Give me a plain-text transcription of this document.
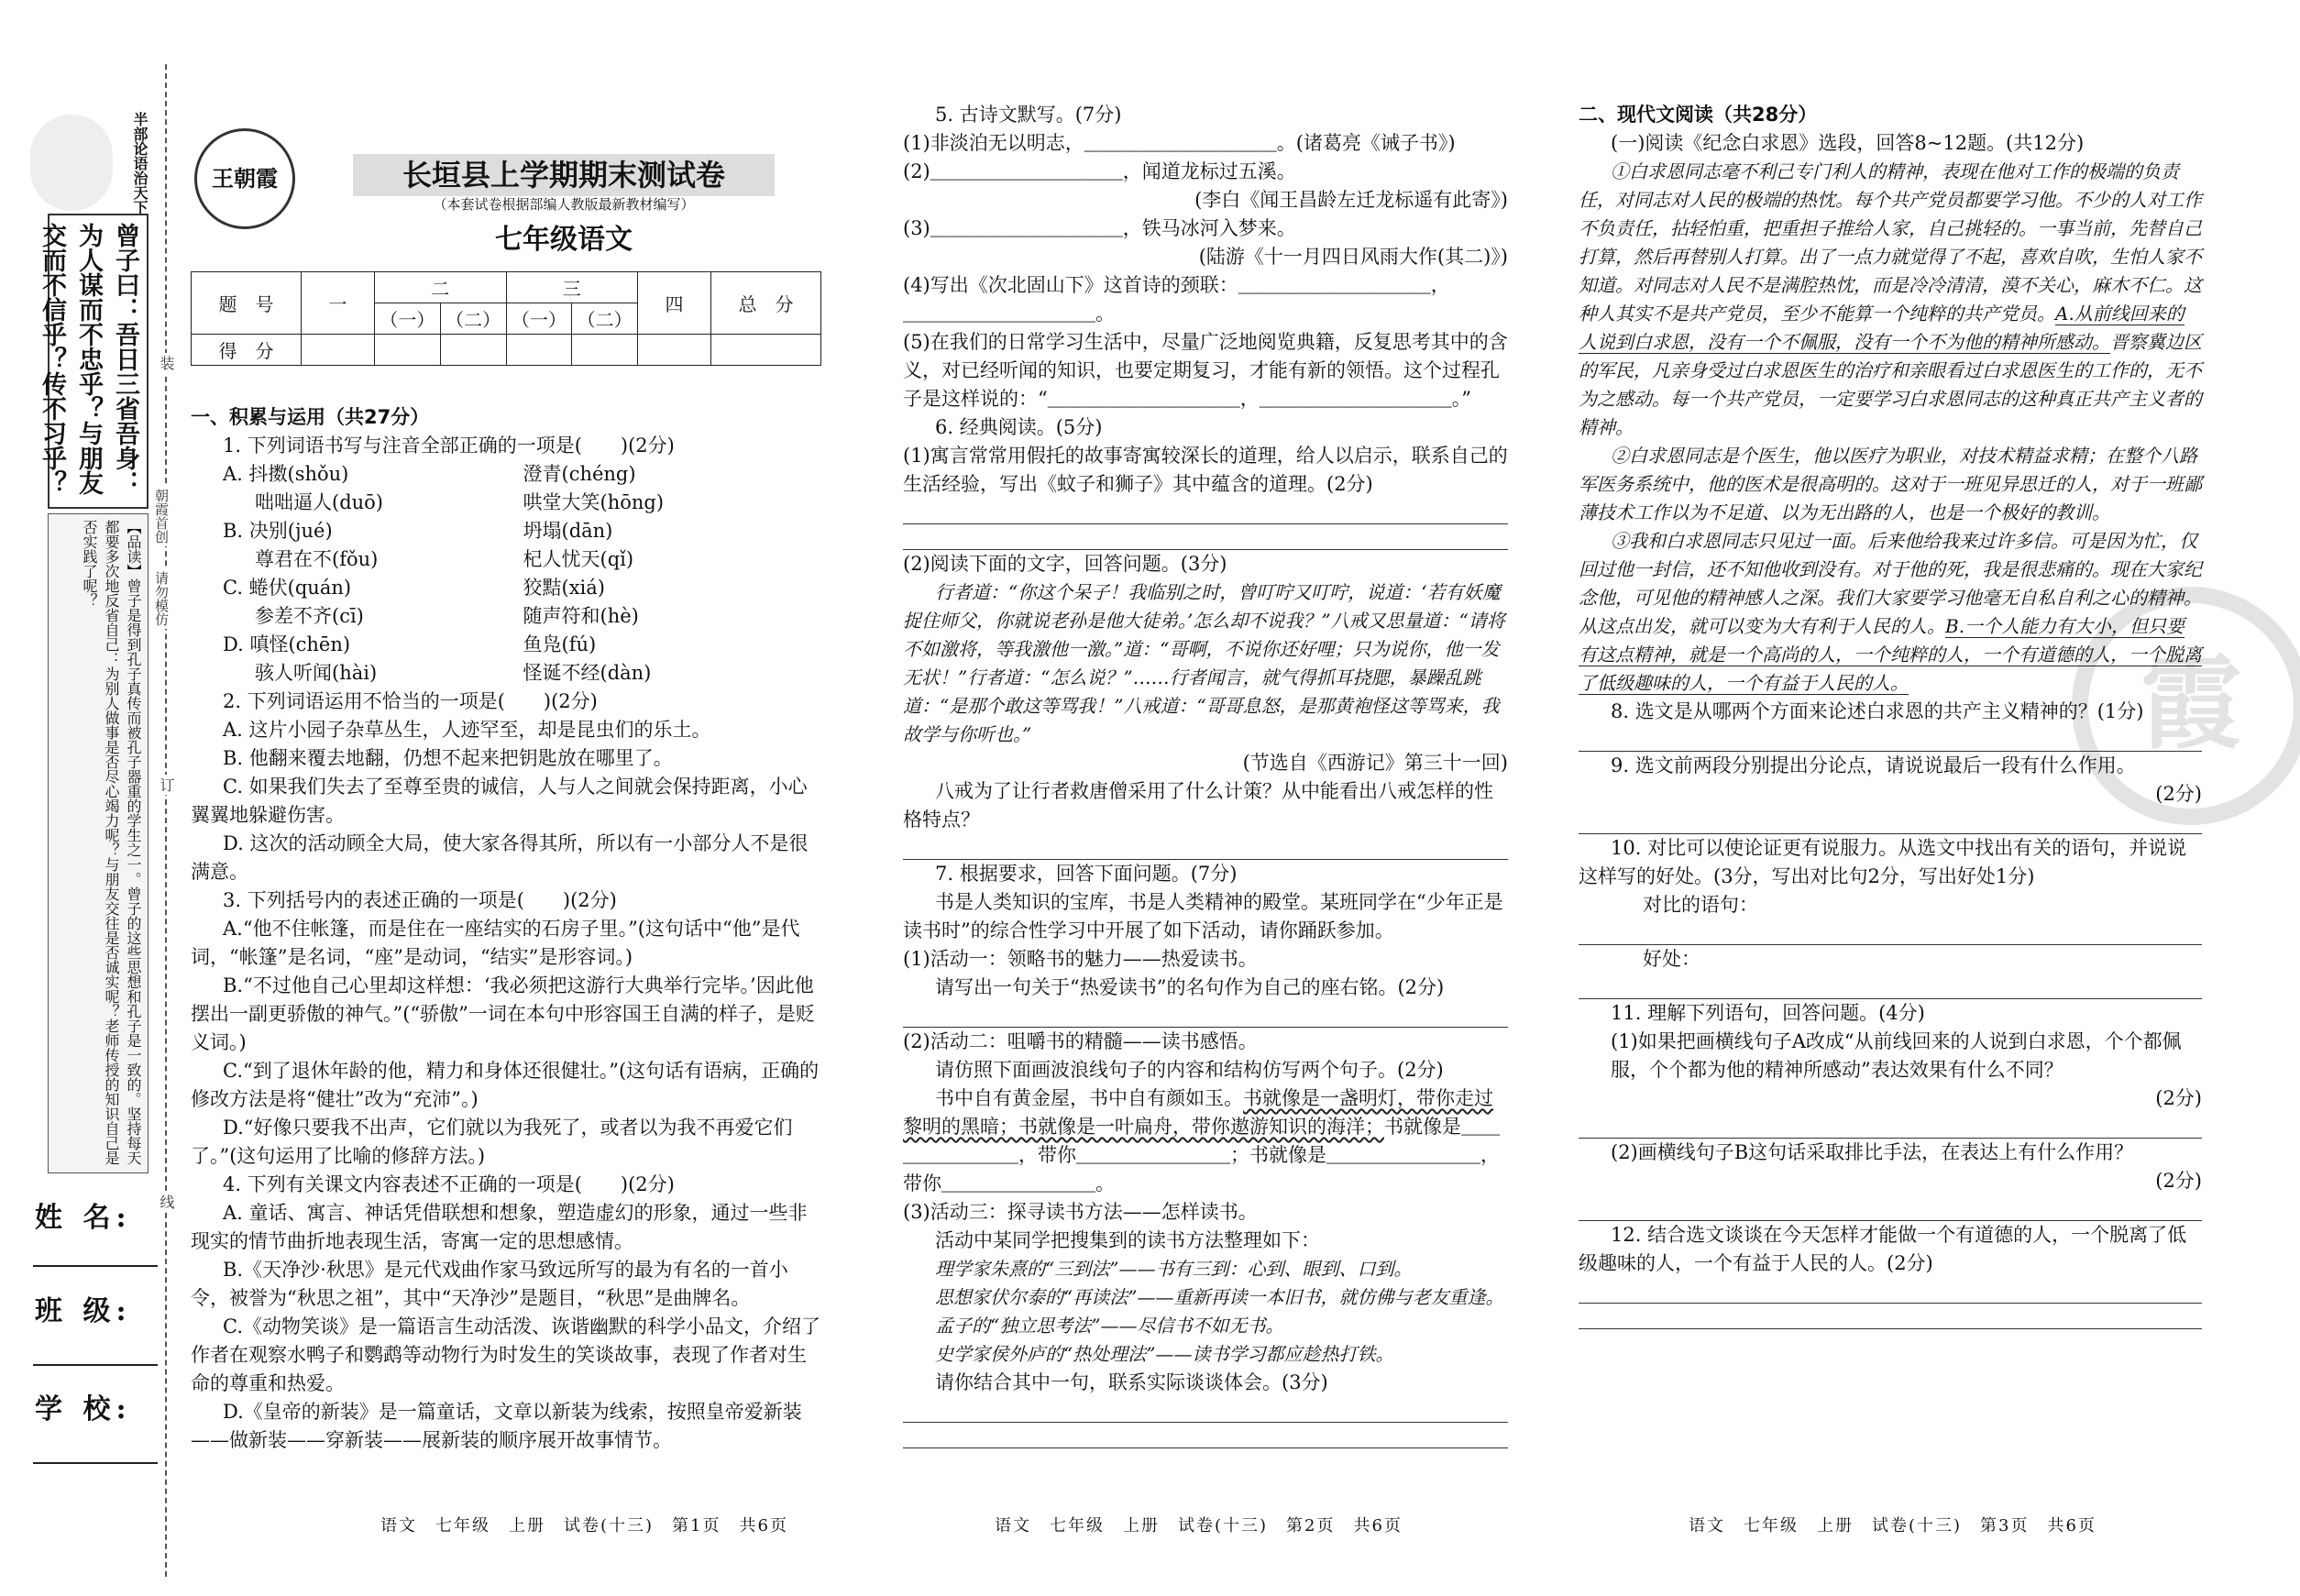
半部论语治天下
曾子曰：吾日三省吾身：为人谋而不忠乎？与朋友交而不信乎？传不习乎？
【品读】曾子是得到孔子真传而被孔子器重的学生之一。曾子的这些思想和孔子是一致的。坚持每天都要多次地反省自己：为别人做事是否尽心竭力呢？与朋友交往是否诚实呢？老师传授的知识自己是否实践了呢？
装
订
线
朝霞首创
请勿模仿
姓 名:
班 级:
学 校:
王朝霞	长垣县上学期期末测试卷
（本套试卷根据部编人教版最新教材编写）
七年级语文
题　号	一	二		三		四	总　分
		（一）	（二）	（一）	（二）		
得　分							
一、积累与运用（共27分）
1. 下列词语书写与注音全部正确的一项是(　　)(2分)
A. 抖擞(shǒu)	澄青(chéng)
咄咄逼人(duō)	哄堂大笑(hōng)
B. 决别(jué)	坍塌(dān)
尊君在不(fǒu)	杞人忧天(qǐ)
C. 蜷伏(quán)	狡黠(xiá)
参差不齐(cī)	随声符和(hè)
D. 嗔怪(chēn)	鱼凫(fú)
骇人听闻(hài)	怪诞不经(dàn)
2. 下列词语运用不恰当的一项是(　　)(2分)
A. 这片小园子杂草丛生，人迹罕至，却是昆虫们的乐土。
B. 他翻来覆去地翻，仍想不起来把钥匙放在哪里了。
C. 如果我们失去了至尊至贵的诚信，人与人之间就会保持距离，小心翼翼地躲避伤害。
D. 这次的活动顾全大局，使大家各得其所，所以有一小部分人不是很满意。
3. 下列括号内的表述正确的一项是(　　)(2分)
A.“他不住帐篷，而是住在一座结实的石房子里。”(这句话中“他”是代词，“帐篷”是名词，“座”是动词，“结实”是形容词。)
B.“不过他自己心里却这样想：‘我必须把这游行大典举行完毕。’因此他摆出一副更骄傲的神气。”(“骄傲”一词在本句中形容国王自满的样子，是贬义词。)
C.“到了退休年龄的他，精力和身体还很健壮。”(这句话有语病，正确的修改方法是将“健壮”改为“充沛”。)
D.“好像只要我不出声，它们就以为我死了，或者以为我不再爱它们了。”(这句运用了比喻的修辞方法。)
4. 下列有关课文内容表述不正确的一项是(　　)(2分)
A. 童话、寓言、神话凭借联想和想象，塑造虚幻的形象，通过一些非现实的情节曲折地表现生活，寄寓一定的思想感情。
B.《天净沙·秋思》是元代戏曲作家马致远所写的最为有名的一首小令，被誉为“秋思之祖”，其中“天净沙”是题目，“秋思”是曲牌名。
C.《动物笑谈》是一篇语言生动活泼、诙谐幽默的科学小品文，介绍了作者在观察水鸭子和鹦鹉等动物行为时发生的笑谈故事，表现了作者对生命的尊重和热爱。
D.《皇帝的新装》是一篇童话，文章以新装为线索，按照皇帝爱新装——做新装——穿新装——展新装的顺序展开故事情节。
语文　七年级　上册　试卷(十三)　第1页　共6页
5. 古诗文默写。(7分)
(1)非淡泊无以明志，＿＿＿＿＿＿＿＿＿＿。(诸葛亮《诫子书》)
(2)＿＿＿＿＿＿＿＿＿＿，闻道龙标过五溪。
(李白《闻王昌龄左迁龙标遥有此寄》)
(3)＿＿＿＿＿＿＿＿＿＿，铁马冰河入梦来。
(陆游《十一月四日风雨大作(其二)》)
(4)写出《次北固山下》这首诗的颈联：＿＿＿＿＿＿＿＿＿＿，
＿＿＿＿＿＿＿＿＿＿。
(5)在我们的日常学习生活中，尽量广泛地阅览典籍，反复思考其中的含义，对已经听闻的知识，也要定期复习，才能有新的领悟。这个过程孔子是这样说的：“＿＿＿＿＿＿＿＿＿＿，＿＿＿＿＿＿＿＿＿＿。”
6. 经典阅读。(5分)
(1)寓言常常用假托的故事寄寓较深长的道理，给人以启示，联系自己的生活经验，写出《蚊子和狮子》其中蕴含的道理。(2分)
(2)阅读下面的文字，回答问题。(3分)
行者道：“你这个呆子！我临别之时，曾叮咛又叮咛，说道：‘若有妖魔捉住师父，你就说老孙是他大徒弟。’怎么却不说我？”八戒又思量道：“请将不如激将，等我激他一激。”道：“哥啊，不说你还好哩；只为说你，他一发无状！”行者道：“怎么说？”……行者闻言，就气得抓耳挠腮，暴躁乱跳道：“是那个敢这等骂我！”八戒道：“哥哥息怒，是那黄袍怪这等骂来，我故学与你听也。”
(节选自《西游记》第三十一回)
八戒为了让行者救唐僧采用了什么计策？从中能看出八戒怎样的性格特点？
7. 根据要求，回答下面问题。(7分)
书是人类知识的宝库，书是人类精神的殿堂。某班同学在“少年正是读书时”的综合性学习中开展了如下活动，请你踊跃参加。
(1)活动一：领略书的魅力——热爱读书。
请写出一句关于“热爱读书”的名句作为自己的座右铭。(2分)
(2)活动二：咀嚼书的精髓——读书感悟。
请仿照下面画波浪线句子的内容和结构仿写两个句子。(2分)
书中自有黄金屋，书中自有颜如玉。书就像是一盏明灯，带你走过黎明的黑暗；书就像是一叶扁舟，带你遨游知识的海洋；书就像是＿＿＿＿＿＿＿＿，带你＿＿＿＿＿＿＿＿；书就像是＿＿＿＿＿＿＿＿，带你＿＿＿＿＿＿＿＿。
(3)活动三：探寻读书方法——怎样读书。
活动中某同学把搜集到的读书方法整理如下：
理学家朱熹的“三到法”——书有三到：心到、眼到、口到。
思想家伏尔泰的“再读法”——重新再读一本旧书，就仿佛与老友重逢。
孟子的“独立思考法”——尽信书不如无书。
史学家侯外庐的“热处理法”——读书学习都应趁热打铁。
请你结合其中一句，联系实际谈谈体会。(3分)
语文　七年级　上册　试卷(十三)　第2页　共6页
霞
二、现代文阅读（共28分）
(一)阅读《纪念白求恩》选段，回答8~12题。(共12分)
①白求恩同志毫不利己专门利人的精神，表现在他对工作的极端的负责任，对同志对人民的极端的热忱。每个共产党员都要学习他。不少的人对工作不负责任，拈轻怕重，把重担子推给人家，自己挑轻的。一事当前，先替自己打算，然后再替别人打算。出了一点力就觉得了不起，喜欢自吹，生怕人家不知道。对同志对人民不是满腔热忱，而是冷冷清清，漠不关心，麻木不仁。这种人其实不是共产党员，至少不能算一个纯粹的共产党员。A.从前线回来的人说到白求恩，没有一个不佩服，没有一个不为他的精神所感动。晋察冀边区的军民，凡亲身受过白求恩医生的治疗和亲眼看过白求恩医生的工作的，无不为之感动。每一个共产党员，一定要学习白求恩同志的这种真正共产主义者的精神。
②白求恩同志是个医生，他以医疗为职业，对技术精益求精；在整个八路军医务系统中，他的医术是很高明的。这对于一班见异思迁的人，对于一班鄙薄技术工作以为不足道、以为无出路的人，也是一个极好的教训。
③我和白求恩同志只见过一面。后来他给我来过许多信。可是因为忙，仅回过他一封信，还不知他收到没有。对于他的死，我是很悲痛的。现在大家纪念他，可见他的精神感人之深。我们大家要学习他毫无自私自利之心的精神。从这点出发，就可以变为大有利于人民的人。B.一个人能力有大小，但只要有这点精神，就是一个高尚的人，一个纯粹的人，一个有道德的人，一个脱离了低级趣味的人，一个有益于人民的人。
8. 选文是从哪两个方面来论述白求恩的共产主义精神的？(1分)
9. 选文前两段分别提出分论点，请说说最后一段有什么作用。
(2分)
10. 对比可以使论证更有说服力。从选文中找出有关的语句，并说说这样写的好处。(3分，写出对比句2分，写出好处1分)
对比的语句：
好处：
11. 理解下列语句，回答问题。(4分)
(1)如果把画横线句子A改成“从前线回来的人说到白求恩，个个都佩服，个个都为他的精神所感动”表达效果有什么不同？
(2分)
(2)画横线句子B这句话采取排比手法，在表达上有什么作用？
(2分)
12. 结合选文谈谈在今天怎样才能做一个有道德的人，一个脱离了低级趣味的人，一个有益于人民的人。(2分)
语文　七年级　上册　试卷(十三)　第3页　共6页
